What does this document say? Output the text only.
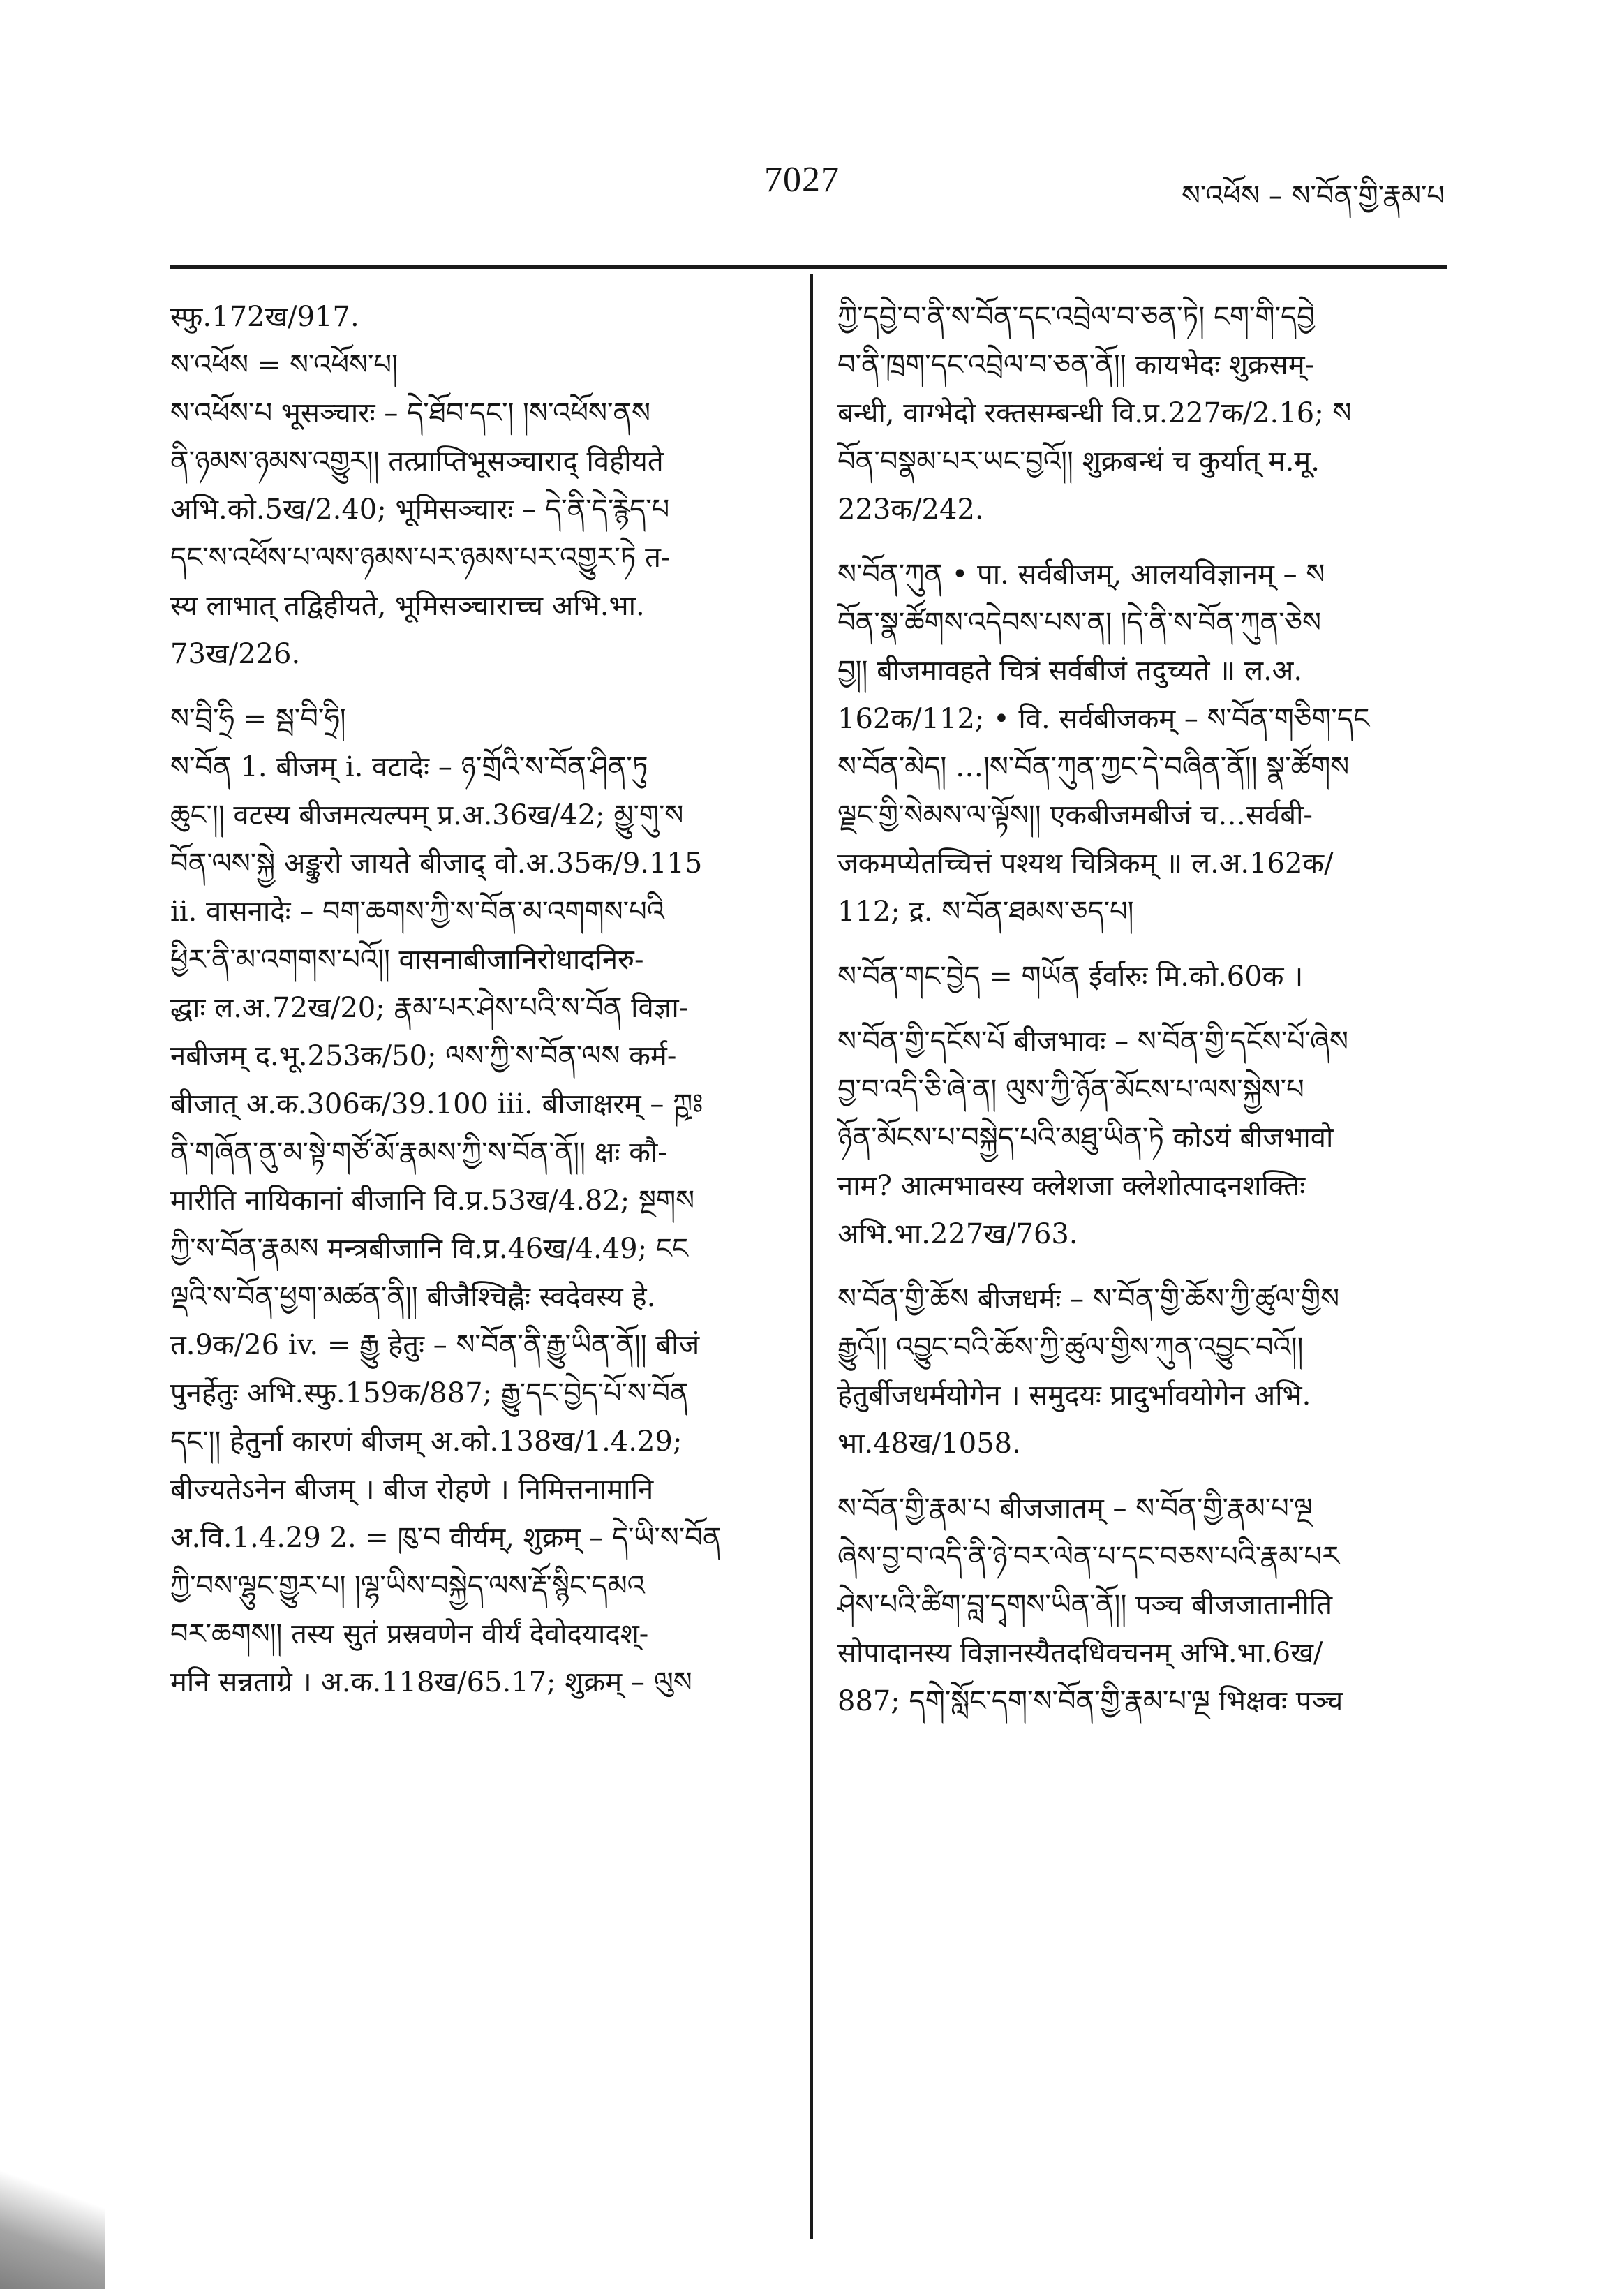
7027	ས་འཕོས – ས་བོན་གྱི་རྣམ་པ
स्फु.172ख/917.
ས་འཕོས = ས་འཕོས་པ།
ས་འཕོས་པ भूसञ्चारः – དེ་ཐོབ་དང་། །ས་འཕོས་ནས
ནི་ཉམས་ཉམས་འགྱུར།། तत्प्राप्तिभूसञ्चाराद् विहीयते
अभि.को.5ख/2.40; भूमिसञ्चारः – དེ་ནི་དེ་རྙེད་པ
དང་ས་འཕོས་པ་ལས་ཉམས་པར་ཉམས་པར་འགྱུར་ཏེ त-
स्य लाभात् तद्विहीयते, भूमिसञ्चाराच्च अभि.भा.
73ख/226.
ས་བྲི་ཧྲི = སྦ་བི་ཧྲི།
ས་བོན 1. बीजम् i. वटादेः – ཉ་གྲོའི་ས་བོན་ཤིན་ཏུ
ཆུང་།། वटस्य बीजमत्यल्पम् प्र.अ.36ख/42; མྱུ་གུ་ས
བོན་ལས་སྐྱེ अङ्कुरो जायते बीजाद् वो.अ.35क/9.115
ii. वासनादेः – བག་ཆགས་ཀྱི་ས་བོན་མ་འགགས་པའི
ཕྱིར་ནི་མ་འགགས་པའོ།། वासनाबीजानिरोधादनिरु-
द्धाः ल.अ.72ख/20; རྣམ་པར་ཤེས་པའི་ས་བོན विज्ञा-
नबीजम् द.भू.253क/50; ལས་ཀྱི་ས་བོན་ལས कर्म-
बीजात् अ.क.306क/39.100 iii. बीजाक्षरम् – ཀྵཿ
ནི་གཞོན་ནུ་མ་སྟེ་གཙོ་མོ་རྣམས་ཀྱི་ས་བོན་ནོ།། क्षः कौ-
मारीति नायिकानां बीजानि वि.प्र.53ख/4.82; སྔགས
ཀྱི་ས་བོན་རྣམས मन्त्रबीजानि वि.प्र.46ख/4.49; ངང
ལྡའི་ས་བོན་ཕྱག་མཚན་ནི།། बीजैश्चिह्नैः स्वदेवस्य हे.
त.9क/26 iv. = རྒྱུ हेतुः – ས་བོན་ནི་རྒྱུ་ཡིན་ནོ།། बीजं
पुनर्हेतुः अभि.स्फु.159क/887; རྒྱུ་དང་བྱེད་པོ་ས་བོན
དང་།། हेतुर्ना कारणं बीजम् अ.को.138ख/1.4.29;
बीज्यतेऽनेन बीजम् । बीज रोहणे । निमित्तनामानि
अ.वि.1.4.29 2. = ཁུ་བ वीर्यम्, शुक्रम् – དེ་ཡི་ས་བོན
ཀྱི་བས་ལྷུང་གྱུར་པ། །ལྷ་ཡིས་བསྐྱེད་ལས་རྡོ་སྙིང་དམའ
བར་ཆགས།། तस्य सुतं प्रस्रवणेन वीर्यं देवोदयादश्-
मनि सन्नताग्रे । अ.क.118ख/65.17; शुक्रम् – ལུས
ཀྱི་དབྱེ་བ་ནི་ས་བོན་དང་འབྲེལ་བ་ཅན་ཏེ། ངག་གི་དབྱེ
བ་ནི་ཁྲག་དང་འབྲེལ་བ་ཅན་ནོ།། कायभेदः शुक्रसम्-
बन्धी, वाग्भेदो रक्तसम्बन्धी वि.प्र.227क/2.16; ས
བོན་བསྣམ་པར་ཡང་བྱའོ།། शुक्रबन्धं च कुर्यात् म.मू.
223क/242.
ས་བོན་ཀུན • पा. सर्वबीजम्, आलयविज्ञानम् – ས
བོན་སྣ་ཚོགས་འདེབས་པས་ན། །དེ་ནི་ས་བོན་ཀུན་ཅེས
བྱ།། बीजमावहते चित्रं सर्वबीजं तदुच्यते ॥ ल.अ.
162क/112; • वि. सर्वबीजकम् – ས་བོན་གཅིག་དང
ས་བོན་མེད། …།ས་བོན་ཀུན་ཀྱང་དེ་བཞིན་ནོ།། སྣ་ཚོགས
ལྗང་གྱི་སེམས་ལ་ལྟོས།། एकबीजमबीजं च…सर्वबी-
जकमप्येतच्चित्तं पश्यथ चित्रिकम् ॥ ल.अ.162क/
112; द्र. ས་བོན་ཐམས་ཅད་པ།
ས་བོན་གང་བྱེད = གཡོན ईर्वारुः मि.को.60क ।
ས་བོན་གྱི་དངོས་པོ बीजभावः – ས་བོན་གྱི་དངོས་པོ་ཞེས
བྱ་བ་འདི་ཅི་ཞེ་ན། ལུས་ཀྱི་ཉོན་མོངས་པ་ལས་སྐྱེས་པ
ཉོན་མོངས་པ་བསྐྱེད་པའི་མཐུ་ཡིན་ཏེ कोऽयं बीजभावो
नाम? आत्मभावस्य क्लेशजा क्लेशोत्पादनशक्तिः
अभि.भा.227ख/763.
ས་བོན་གྱི་ཆོས बीजधर्मः – ས་བོན་གྱི་ཆོས་ཀྱི་ཚུལ་གྱིས
རྒྱུའོ།། འབྱུང་བའི་ཆོས་ཀྱི་ཚུལ་གྱིས་ཀུན་འབྱུང་བའོ།།
हेतुर्बीजधर्मयोगेन । समुदयः प्रादुर्भावयोगेन अभि.
भा.48ख/1058.
ས་བོན་གྱི་རྣམ་པ बीजजातम् – ས་བོན་གྱི་རྣམ་པ་ལྔ
ཞེས་བྱ་བ་འདི་ནི་ཉེ་བར་ལེན་པ་དང་བཅས་པའི་རྣམ་པར
ཤེས་པའི་ཚིག་བླ་དྭགས་ཡིན་ནོ།། पञ्च बीजजातानीति
सोपादानस्य विज्ञानस्यैतदधिवचनम् अभि.भा.6ख/
887; དགེ་སློང་དག་ས་བོན་གྱི་རྣམ་པ་ལྔ भिक्षवः पञ्च
